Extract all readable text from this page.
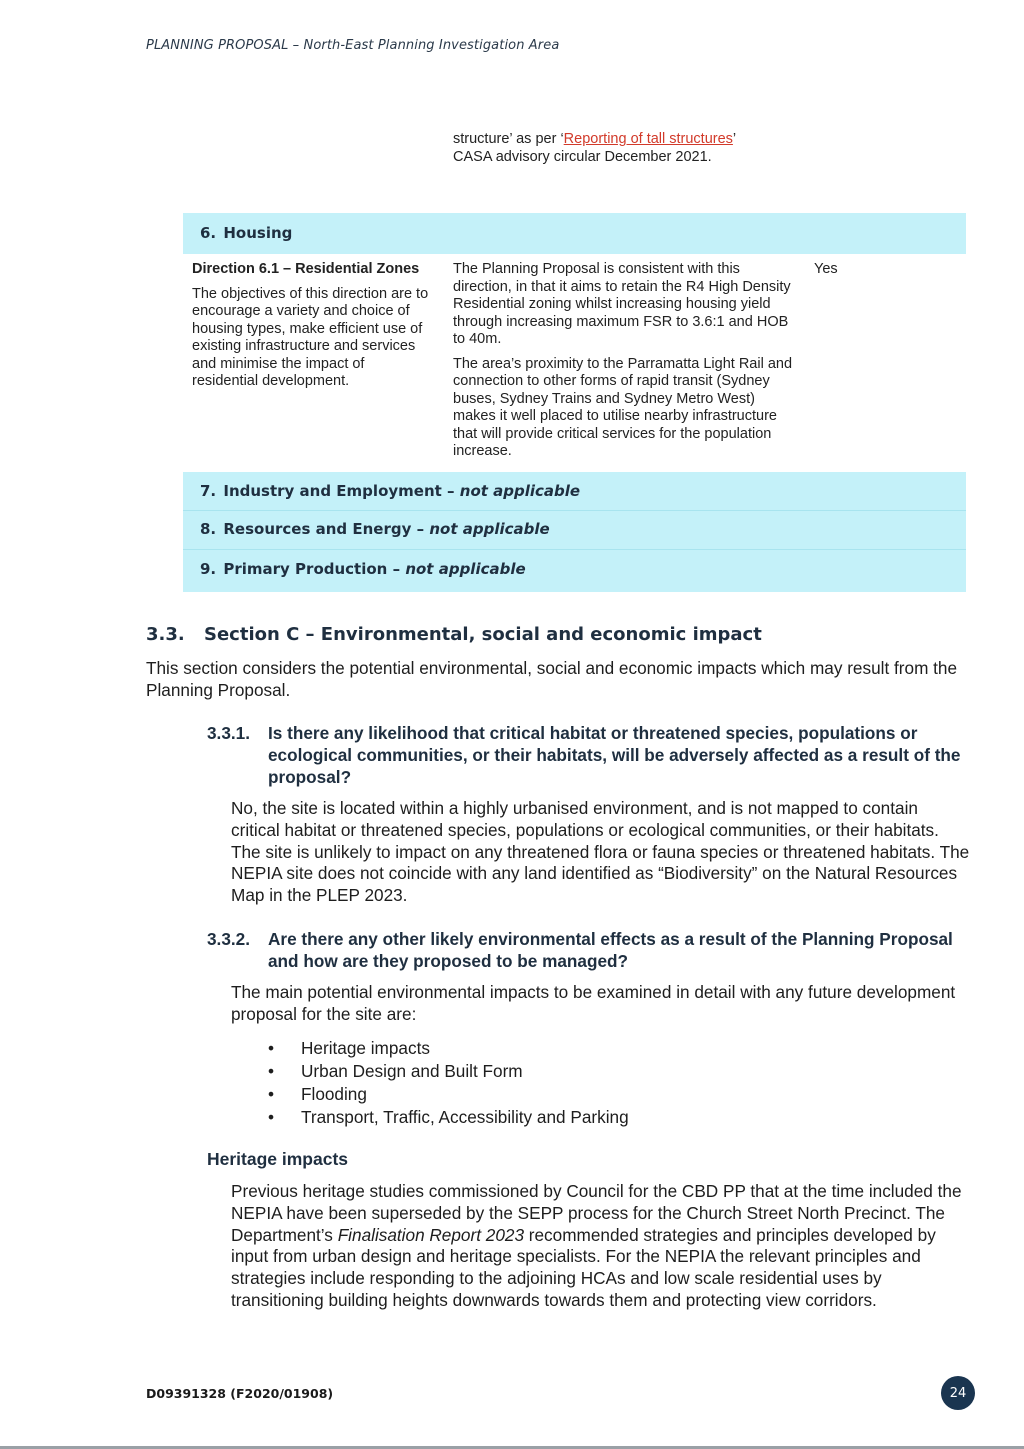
PLANNING PROPOSAL – North-East Planning Investigation Area
structure’ as per ‘Reporting of tall structures’
CASA advisory circular December 2021.
6. Housing
Direction 6.1 – Residential Zones
The objectives of this direction are to encourage a variety and choice of housing types, make efficient use of existing infrastructure and services and minimise the impact of residential development.

The Planning Proposal is consistent with this direction, in that it aims to retain the R4 High Density Residential zoning whilst increasing housing yield through increasing maximum FSR to 3.6:1 and HOB to 40m.

The area’s proximity to the Parramatta Light Rail and connection to other forms of rapid transit (Sydney buses, Sydney Trains and Sydney Metro West) makes it well placed to utilise nearby infrastructure that will provide critical services for the population increase.

Yes
7. Industry and Employment – not applicable
8. Resources and Energy – not applicable
9. Primary Production – not applicable
3.3. Section C – Environmental, social and economic impact
This section considers the potential environmental, social and economic impacts which may result from the Planning Proposal.
3.3.1. Is there any likelihood that critical habitat or threatened species, populations or ecological communities, or their habitats, will be adversely affected as a result of the proposal?
No, the site is located within a highly urbanised environment, and is not mapped to contain critical habitat or threatened species, populations or ecological communities, or their habitats. The site is unlikely to impact on any threatened flora or fauna species or threatened habitats. The NEPIA site does not coincide with any land identified as “Biodiversity” on the Natural Resources Map in the PLEP 2023.
3.3.2. Are there any other likely environmental effects as a result of the Planning Proposal and how are they proposed to be managed?
The main potential environmental impacts to be examined in detail with any future development proposal for the site are:
• Heritage impacts
• Urban Design and Built Form
• Flooding
• Transport, Traffic, Accessibility and Parking
Heritage impacts
Previous heritage studies commissioned by Council for the CBD PP that at the time included the NEPIA have been superseded by the SEPP process for the Church Street North Precinct. The Department’s Finalisation Report 2023 recommended strategies and principles developed by input from urban design and heritage specialists. For the NEPIA the relevant principles and strategies include responding to the adjoining HCAs and low scale residential uses by transitioning building heights downwards towards them and protecting view corridors.
D09391328 (F2020/01908)	24
